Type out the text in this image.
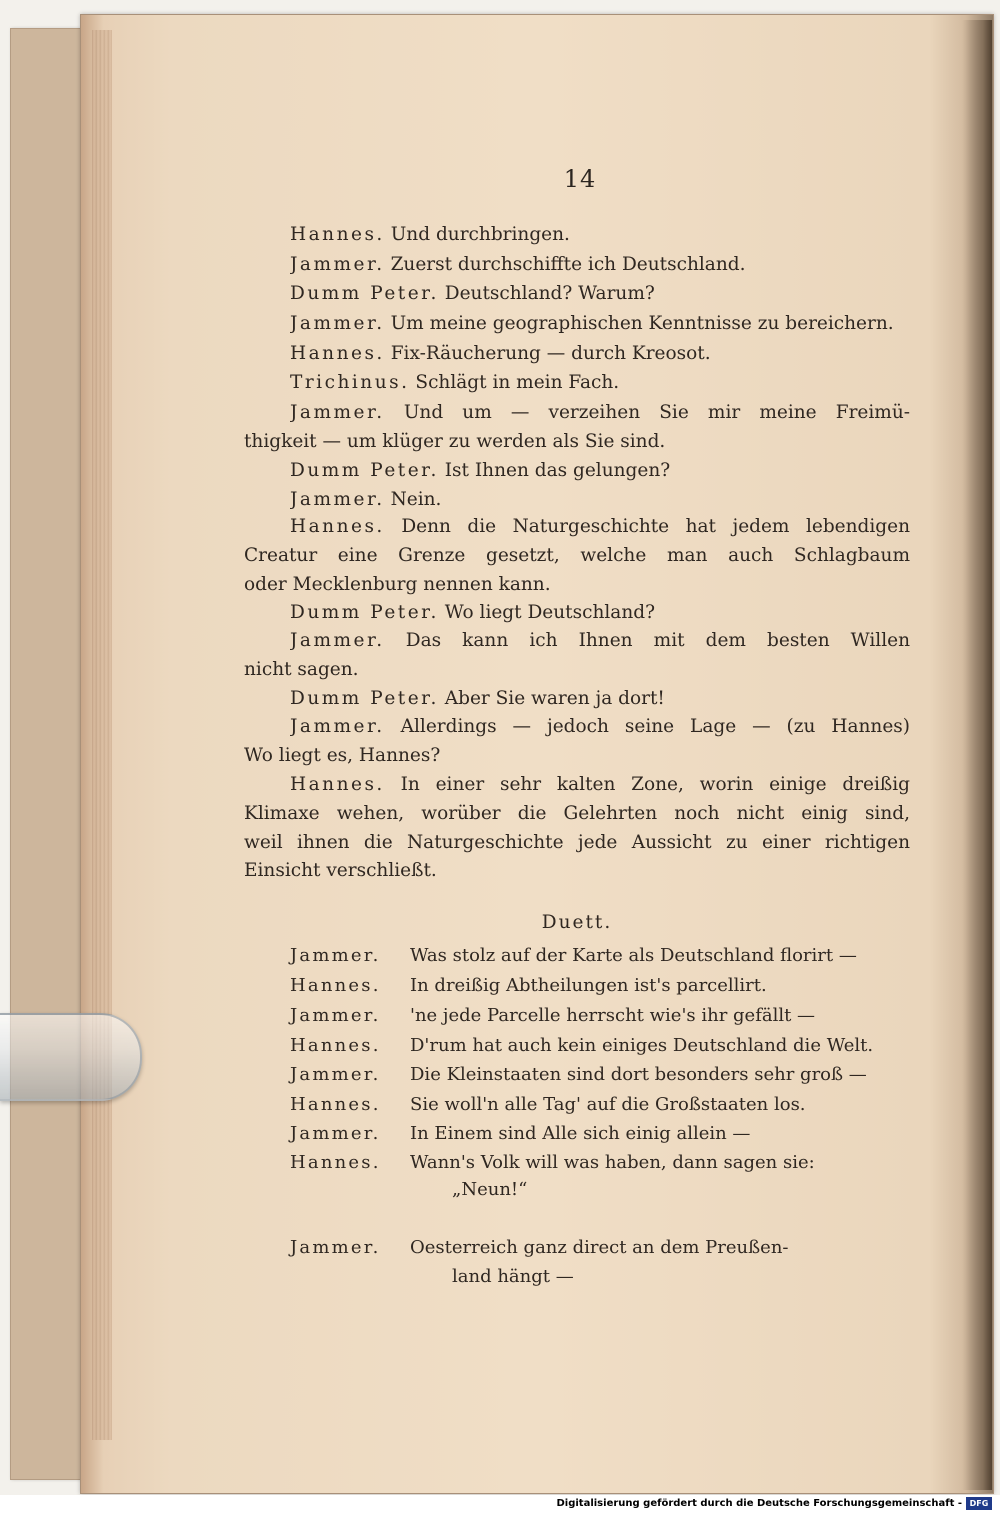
14
Hannes. Und durchbringen.
Jammer. Zuerst durchschiffte ich Deutschland.
Dumm Peter. Deutschland? Warum?
Jammer. Um meine geographischen Kenntnisse zu bereichern.
Hannes. Fix-Räucherung — durch Kreosot.
Trichinus. Schlägt in mein Fach.
Jammer. Und um — verzeihen Sie mir meine Freimü-
thigkeit — um klüger zu werden als Sie sind.
Dumm Peter. Ist Ihnen das gelungen?
Jammer. Nein.
Hannes. Denn die Naturgeschichte hat jedem lebendigen
Creatur eine Grenze gesetzt, welche man auch Schlagbaum
oder Mecklenburg nennen kann.
Dumm Peter. Wo liegt Deutschland?
Jammer. Das kann ich Ihnen mit dem besten Willen
nicht sagen.
Dumm Peter. Aber Sie waren ja dort!
Jammer. Allerdings — jedoch seine Lage — (zu Hannes)
Wo liegt es, Hannes?
Hannes. In einer sehr kalten Zone, worin einige dreißig
Klimaxe wehen, worüber die Gelehrten noch nicht einig sind,
weil ihnen die Naturgeschichte jede Aussicht zu einer richtigen
Einsicht verschließt.
Duett.
Jammer. Was stolz auf der Karte als Deutschland florirt —
Hannes. In dreißig Abtheilungen ist's parcellirt.
Jammer. 'ne jede Parcelle herrscht wie's ihr gefällt —
Hannes. D'rum hat auch kein einiges Deutschland die Welt.
Jammer. Die Kleinstaaten sind dort besonders sehr groß —
Hannes. Sie woll'n alle Tag' auf die Großstaaten los.
Jammer. In Einem sind Alle sich einig allein —
Hannes. Wann's Volk will was haben, dann sagen sie:
„Neun!“
Jammer. Oesterreich ganz direct an dem Preußen-
land hängt —
Digitalisierung gefördert durch die Deutsche Forschungsgemeinschaft - DFG
